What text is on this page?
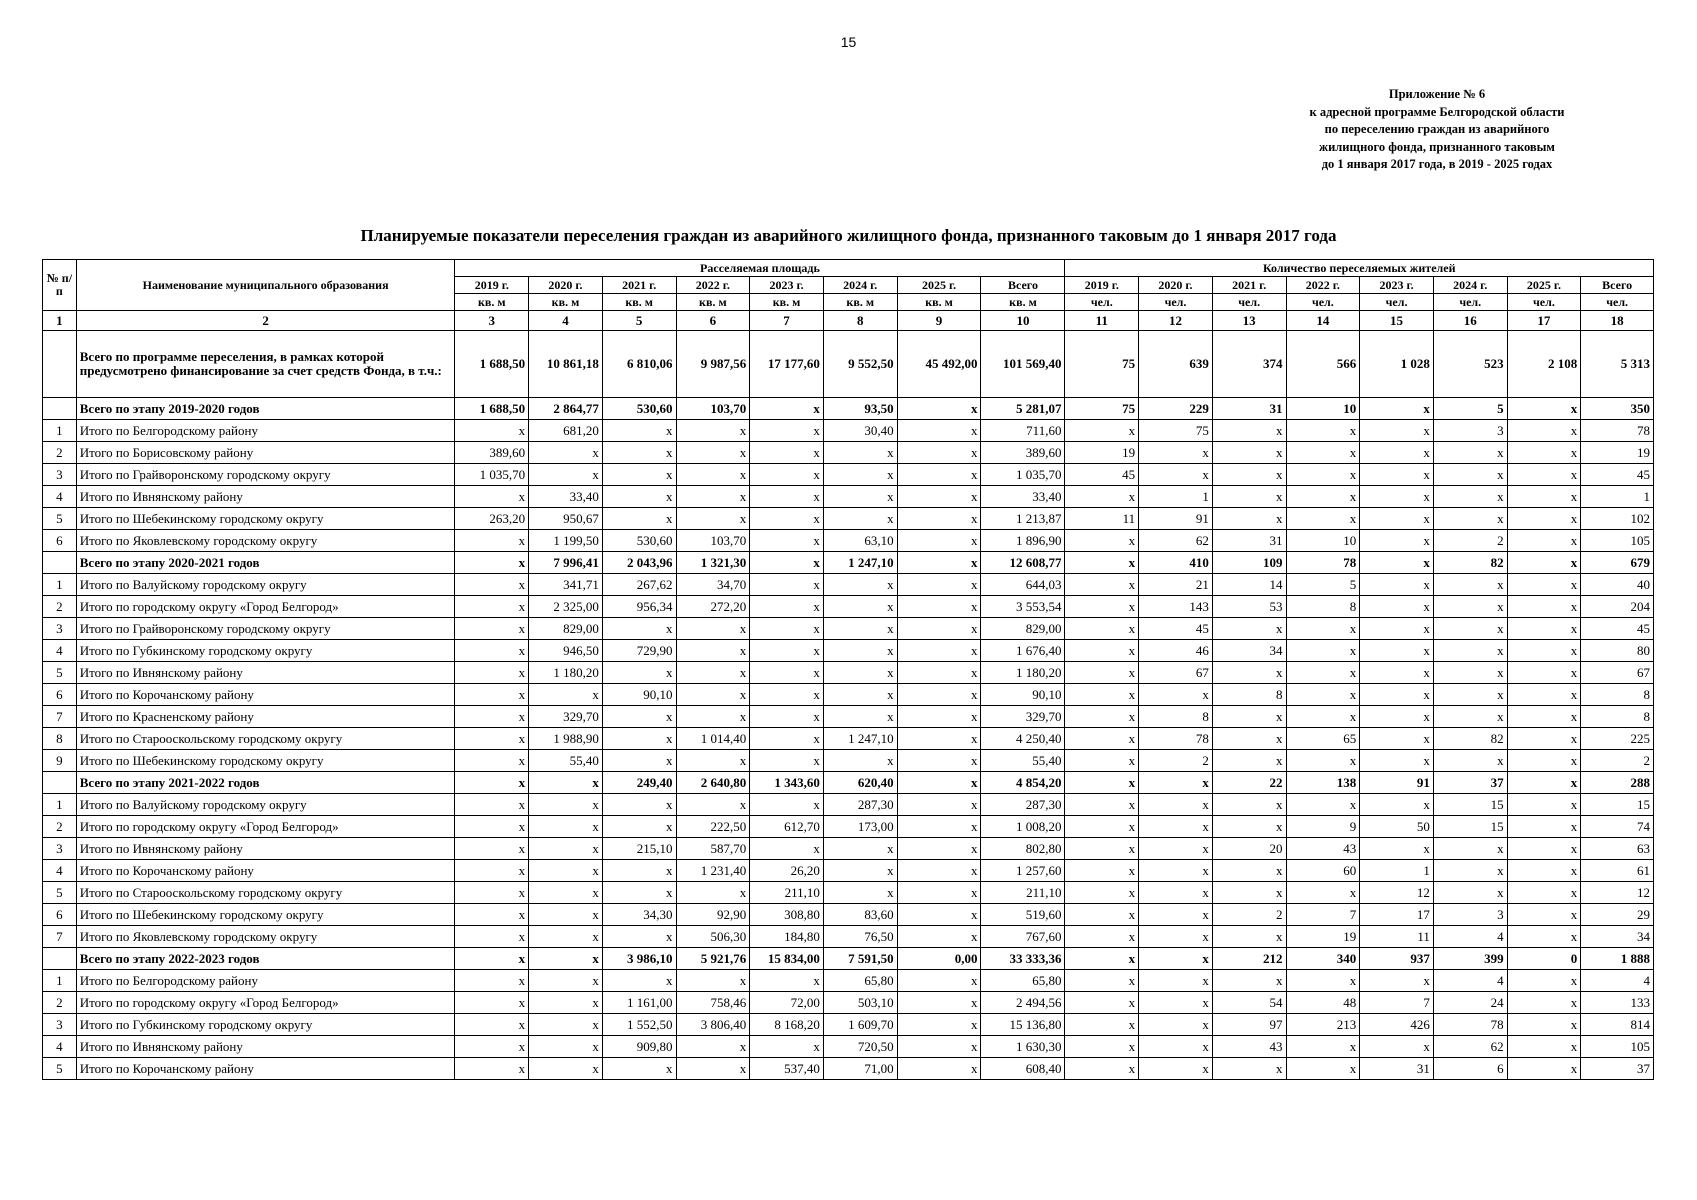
15
Приложение № 6
к адресной программе Белгородской области
по переселению граждан из аварийного
жилищного фонда, признанного таковым
до 1 января 2017 года, в 2019 - 2025 годах
Планируемые показатели переселения граждан из аварийного жилищного фонда, признанного таковым до 1 января 2017 года
№ п/п	Наименование муниципального образования	Расселяемая площадь								Количество переселяемых жителей							
		2019 г.	2020 г.	2021 г.	2022 г.	2023 г.	2024 г.	2025 г.	Всего	2019 г.	2020 г.	2021 г.	2022 г.	2023 г.	2024 г.	2025 г.	Всего
		кв. м	кв. м	кв. м	кв. м	кв. м	кв. м	кв. м	кв. м	чел.	чел.	чел.	чел.	чел.	чел.	чел.	чел.
1	2	3	4	5	6	7	8	9	10	11	12	13	14	15	16	17	18
	Всего по программе переселения, в рамках которой предусмотрено финансирование за счет средств Фонда, в т.ч.:	1 688,50	10 861,18	6 810,06	9 987,56	17 177,60	9 552,50	45 492,00	101 569,40	75	639	374	566	1 028	523	2 108	5 313
	Всего по этапу 2019-2020 годов	1 688,50	2 864,77	530,60	103,70	x	93,50	x	5 281,07	75	229	31	10	x	5	x	350
1	Итого по Белгородскому району	x	681,20	x	x	x	30,40	x	711,60	x	75	x	x	x	3	x	78
2	Итого по Борисовскому району	389,60	x	x	x	x	x	x	389,60	19	x	x	x	x	x	x	19
3	Итого по Грайворонскому городскому округу	1 035,70	x	x	x	x	x	x	1 035,70	45	x	x	x	x	x	x	45
4	Итого по Ивнянскому району	x	33,40	x	x	x	x	x	33,40	x	1	x	x	x	x	x	1
5	Итого по Шебекинскому городскому округу	263,20	950,67	x	x	x	x	x	1 213,87	11	91	x	x	x	x	x	102
6	Итого по Яковлевскому городскому округу	x	1 199,50	530,60	103,70	x	63,10	x	1 896,90	x	62	31	10	x	2	x	105
	Всего по этапу 2020-2021 годов	x	7 996,41	2 043,96	1 321,30	x	1 247,10	x	12 608,77	x	410	109	78	x	82	x	679
1	Итого по Валуйскому городскому округу	x	341,71	267,62	34,70	x	x	x	644,03	x	21	14	5	x	x	x	40
2	Итого по городскому округу «Город Белгород»	x	2 325,00	956,34	272,20	x	x	x	3 553,54	x	143	53	8	x	x	x	204
3	Итого по Грайворонскому городскому округу	x	829,00	x	x	x	x	x	829,00	x	45	x	x	x	x	x	45
4	Итого по Губкинскому городскому округу	x	946,50	729,90	x	x	x	x	1 676,40	x	46	34	x	x	x	x	80
5	Итого по Ивнянскому району	x	1 180,20	x	x	x	x	x	1 180,20	x	67	x	x	x	x	x	67
6	Итого по Корочанскому району	x	x	90,10	x	x	x	x	90,10	x	x	8	x	x	x	x	8
7	Итого по Красненскому району	x	329,70	x	x	x	x	x	329,70	x	8	x	x	x	x	x	8
8	Итого по Старооскольскому городскому округу	x	1 988,90	x	1 014,40	x	1 247,10	x	4 250,40	x	78	x	65	x	82	x	225
9	Итого по Шебекинскому городскому округу	x	55,40	x	x	x	x	x	55,40	x	2	x	x	x	x	x	2
	Всего по этапу 2021-2022 годов	x	x	249,40	2 640,80	1 343,60	620,40	x	4 854,20	x	x	22	138	91	37	x	288
1	Итого по Валуйскому городскому округу	x	x	x	x	x	287,30	x	287,30	x	x	x	x	x	15	x	15
2	Итого по городскому округу «Город Белгород»	x	x	x	222,50	612,70	173,00	x	1 008,20	x	x	x	9	50	15	x	74
3	Итого по Ивнянскому району	x	x	215,10	587,70	x	x	x	802,80	x	x	20	43	x	x	x	63
4	Итого по Корочанскому району	x	x	x	1 231,40	26,20	x	x	1 257,60	x	x	x	60	1	x	x	61
5	Итого по Старооскольскому городскому округу	x	x	x	x	211,10	x	x	211,10	x	x	x	x	12	x	x	12
6	Итого по Шебекинскому городскому округу	x	x	34,30	92,90	308,80	83,60	x	519,60	x	x	2	7	17	3	x	29
7	Итого по Яковлевскому городскому округу	x	x	x	506,30	184,80	76,50	x	767,60	x	x	x	19	11	4	x	34
	Всего по этапу 2022-2023 годов	x	x	3 986,10	5 921,76	15 834,00	7 591,50	0,00	33 333,36	x	x	212	340	937	399	0	1 888
1	Итого по Белгородскому району	x	x	x	x	x	65,80	x	65,80	x	x	x	x	x	4	x	4
2	Итого по городскому округу «Город Белгород»	x	x	1 161,00	758,46	72,00	503,10	x	2 494,56	x	x	54	48	7	24	x	133
3	Итого по Губкинскому городскому округу	x	x	1 552,50	3 806,40	8 168,20	1 609,70	x	15 136,80	x	x	97	213	426	78	x	814
4	Итого по Ивнянскому району	x	x	909,80	x	x	720,50	x	1 630,30	x	x	43	x	x	62	x	105
5	Итого по Корочанскому району	x	x	x	x	537,40	71,00	x	608,40	x	x	x	x	31	6	x	37
